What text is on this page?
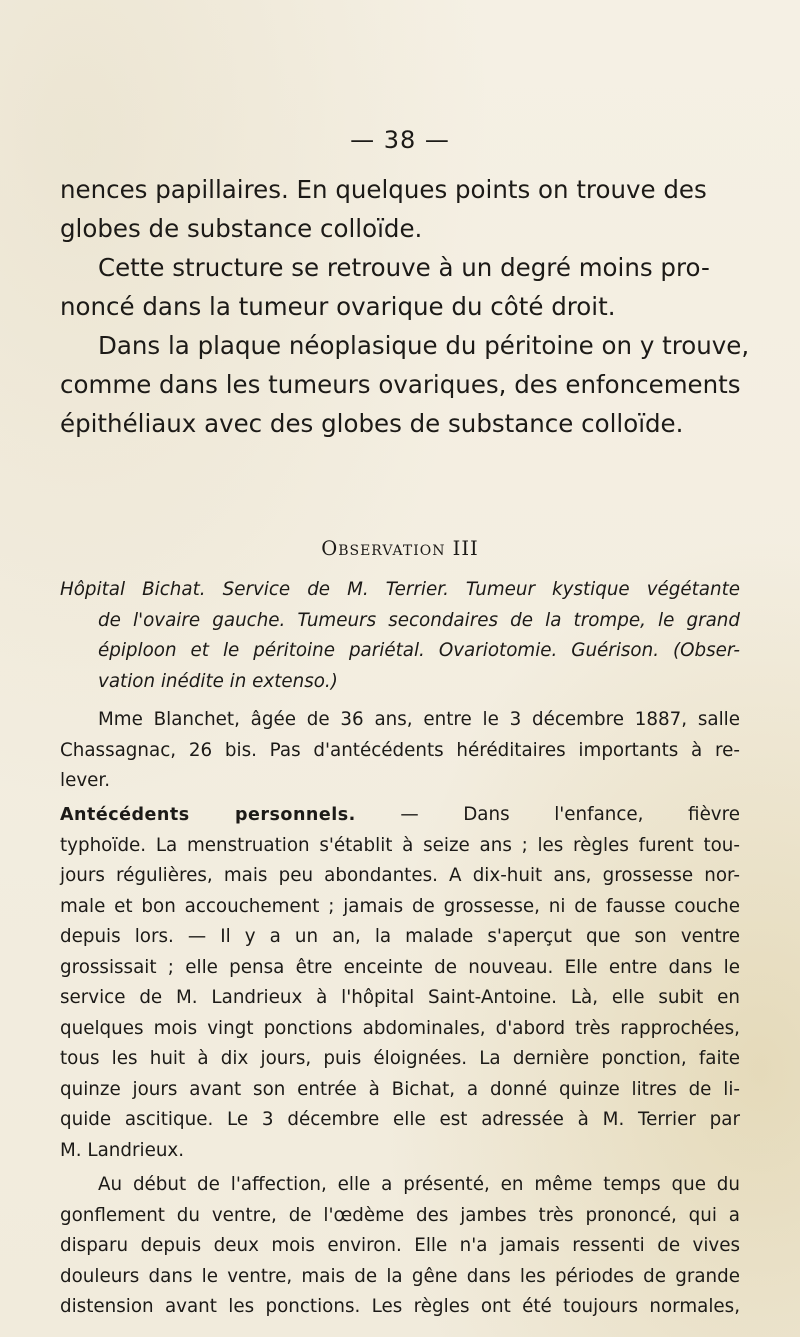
— 38 —
nences papillaires. En quelques points on trouve des
globes de substance colloïde.
Cette structure se retrouve à un degré moins pro-
noncé dans la tumeur ovarique du côté droit.
Dans la plaque néoplasique du péritoine on y trouve,
comme dans les tumeurs ovariques, des enfoncements
épithéliaux avec des globes de substance colloïde.
Observation III
Hôpital Bichat. Service de M. Terrier. Tumeur kystique végétante
de l'ovaire gauche. Tumeurs secondaires de la trompe, le grand
épiploon et le péritoine pariétal. Ovariotomie. Guérison. (Obser-
vation inédite in extenso.)
Mme Blanchet, âgée de 36 ans, entre le 3 décembre 1887, salle
Chassagnac, 26 bis. Pas d'antécédents héréditaires importants à re-
lever.
Antécédents personnels. — Dans l'enfance, fièvre
typhoïde. La menstruation s'établit à seize ans ; les règles furent tou-
jours régulières, mais peu abondantes. A dix-huit ans, grossesse nor-
male et bon accouchement ; jamais de grossesse, ni de fausse couche
depuis lors. — Il y a un an, la malade s'aperçut que son ventre
grossissait ; elle pensa être enceinte de nouveau. Elle entre dans le
service de M. Landrieux à l'hôpital Saint-Antoine. Là, elle subit en
quelques mois vingt ponctions abdominales, d'abord très rapprochées,
tous les huit à dix jours, puis éloignées. La dernière ponction, faite
quinze jours avant son entrée à Bichat, a donné quinze litres de li-
quide ascitique. Le 3 décembre elle est adressée à M. Terrier par
M. Landrieux.
Au début de l'affection, elle a présenté, en même temps que du
gonflement du ventre, de l'œdème des jambes très prononcé, qui a
disparu depuis deux mois environ. Elle n'a jamais ressenti de vives
douleurs dans le ventre, mais de la gêne dans les périodes de grande
distension avant les ponctions. Les règles ont été toujours normales,
